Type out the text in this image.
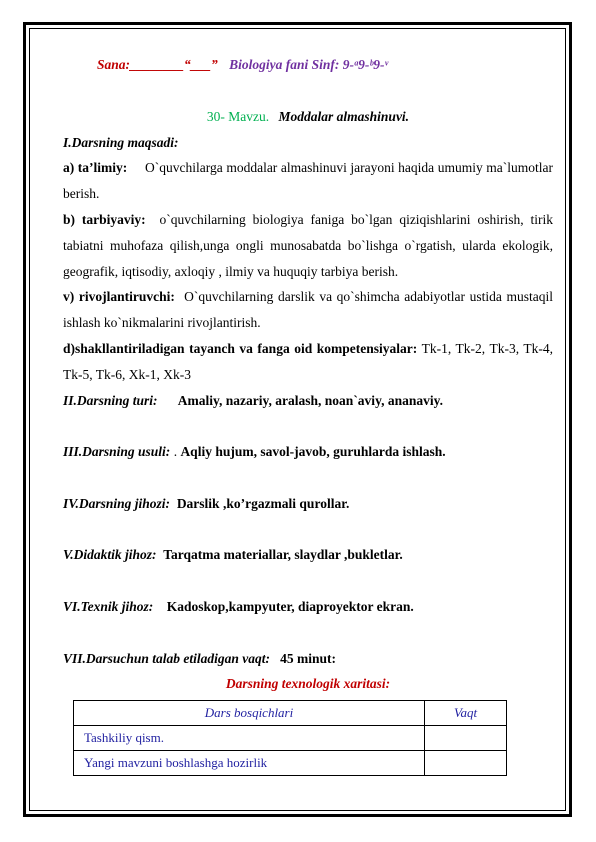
Sana:________“___” Biologiya fani Sinf: 9-ᵃ9-ᵇ9-ᵛ
30- Mavzu. Moddalar almashinuvi.
I.Darsning maqsadi:
a) ta’limiy: O`quvchilarga moddalar almashinuvi jarayoni haqida umumiy ma`lumotlar berish.
b) tarbiyaviy: o`quvchilarning biologiya faniga bo`lgan qiziqishlarini oshirish, tirik tabiatni muhofaza qilish,unga ongli munosabatda bo`lishga o`rgatish, ularda ekologik, geografik, iqtisodiy, axloqiy , ilmiy va huquqiy tarbiya berish.
v) rivojlantiruvchi: O`quvchilarning darslik va qo`shimcha adabiyotlar ustida mustaqil ishlash ko`nikmalarini rivojlantirish.
d)shakllantiriladigan tayanch va fanga oid kompetensiyalar: Tk-1, Tk-2, Tk-3, Tk-4, Tk-5, Tk-6, Xk-1, Xk-3
II.Darsning turi: Amaliy, nazariy, aralash, noan`aviy, ananaviy.
III.Darsning usuli: . Aqliy hujum, savol-javob, guruhlarda ishlash.
IV.Darsning jihozi: Darslik ,ko’rgazmali qurollar.
V.Didaktik jihoz: Tarqatma materiallar, slaydlar ,bukletlar.
VI.Texnik jihoz: Kadoskop,kampyuter, diaproyektor ekran.
VII.Darsuchun talab etiladigan vaqt: 45 minut:
Darsning texnologik xaritasi:
Dars bosqichlari	Vaqt
Tashkiliy qism.	
Yangi mavzuni boshlashga hozirlik	
